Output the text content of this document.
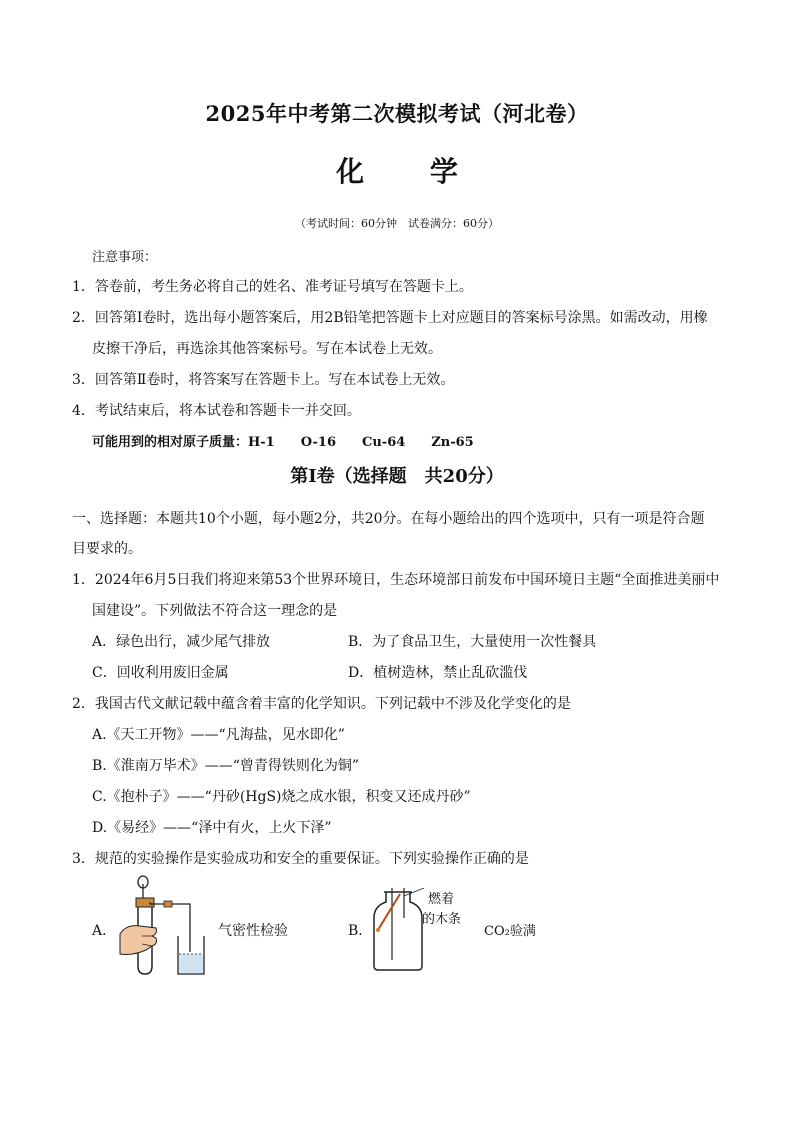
2025年中考第二次模拟考试（河北卷）
化 学
（考试时间：60分钟　试卷满分：60分）
注意事项：
1．答卷前，考生务必将自己的姓名、准考证号填写在答题卡上。
2．回答第Ⅰ卷时，选出每小题答案后，用2B铅笔把答题卡上对应题目的答案标号涂黑。如需改动，用橡
皮擦干净后，再选涂其他答案标号。写在本试卷上无效。
3．回答第Ⅱ卷时，将答案写在答题卡上。写在本试卷上无效。
4．考试结束后，将本试卷和答题卡一并交回。
可能用到的相对原子质量：H-1　　O-16　　Cu-64　　Zn-65
第Ⅰ卷（选择题　共20分）
一、选择题：本题共10个小题，每小题2分，共20分。在每小题给出的四个选项中，只有一项是符合题
目要求的。
1．2024年6月5日我们将迎来第53个世界环境日，生态环境部日前发布中国环境日主题“全面推进美丽中
国建设”。下列做法不符合这一理念的是
A．绿色出行，减少尾气排放	B．为了食品卫生，大量使用一次性餐具
C．回收利用废旧金属	D．植树造林，禁止乱砍滥伐
2．我国古代文献记载中蕴含着丰富的化学知识。下列记载中不涉及化学变化的是
A.《天工开物》——“凡海盐，见水即化”
B.《淮南万毕术》——“曾青得铁则化为铜”
C.《抱朴子》——“丹砂(HgS)烧之成水银，积变又还成丹砂”
D.《易经》——“泽中有火，上火下泽”
3．规范的实验操作是实验成功和安全的重要保证。下列实验操作正确的是
A．	气密性检验	B．
燃着
的木条
CO₂验满
